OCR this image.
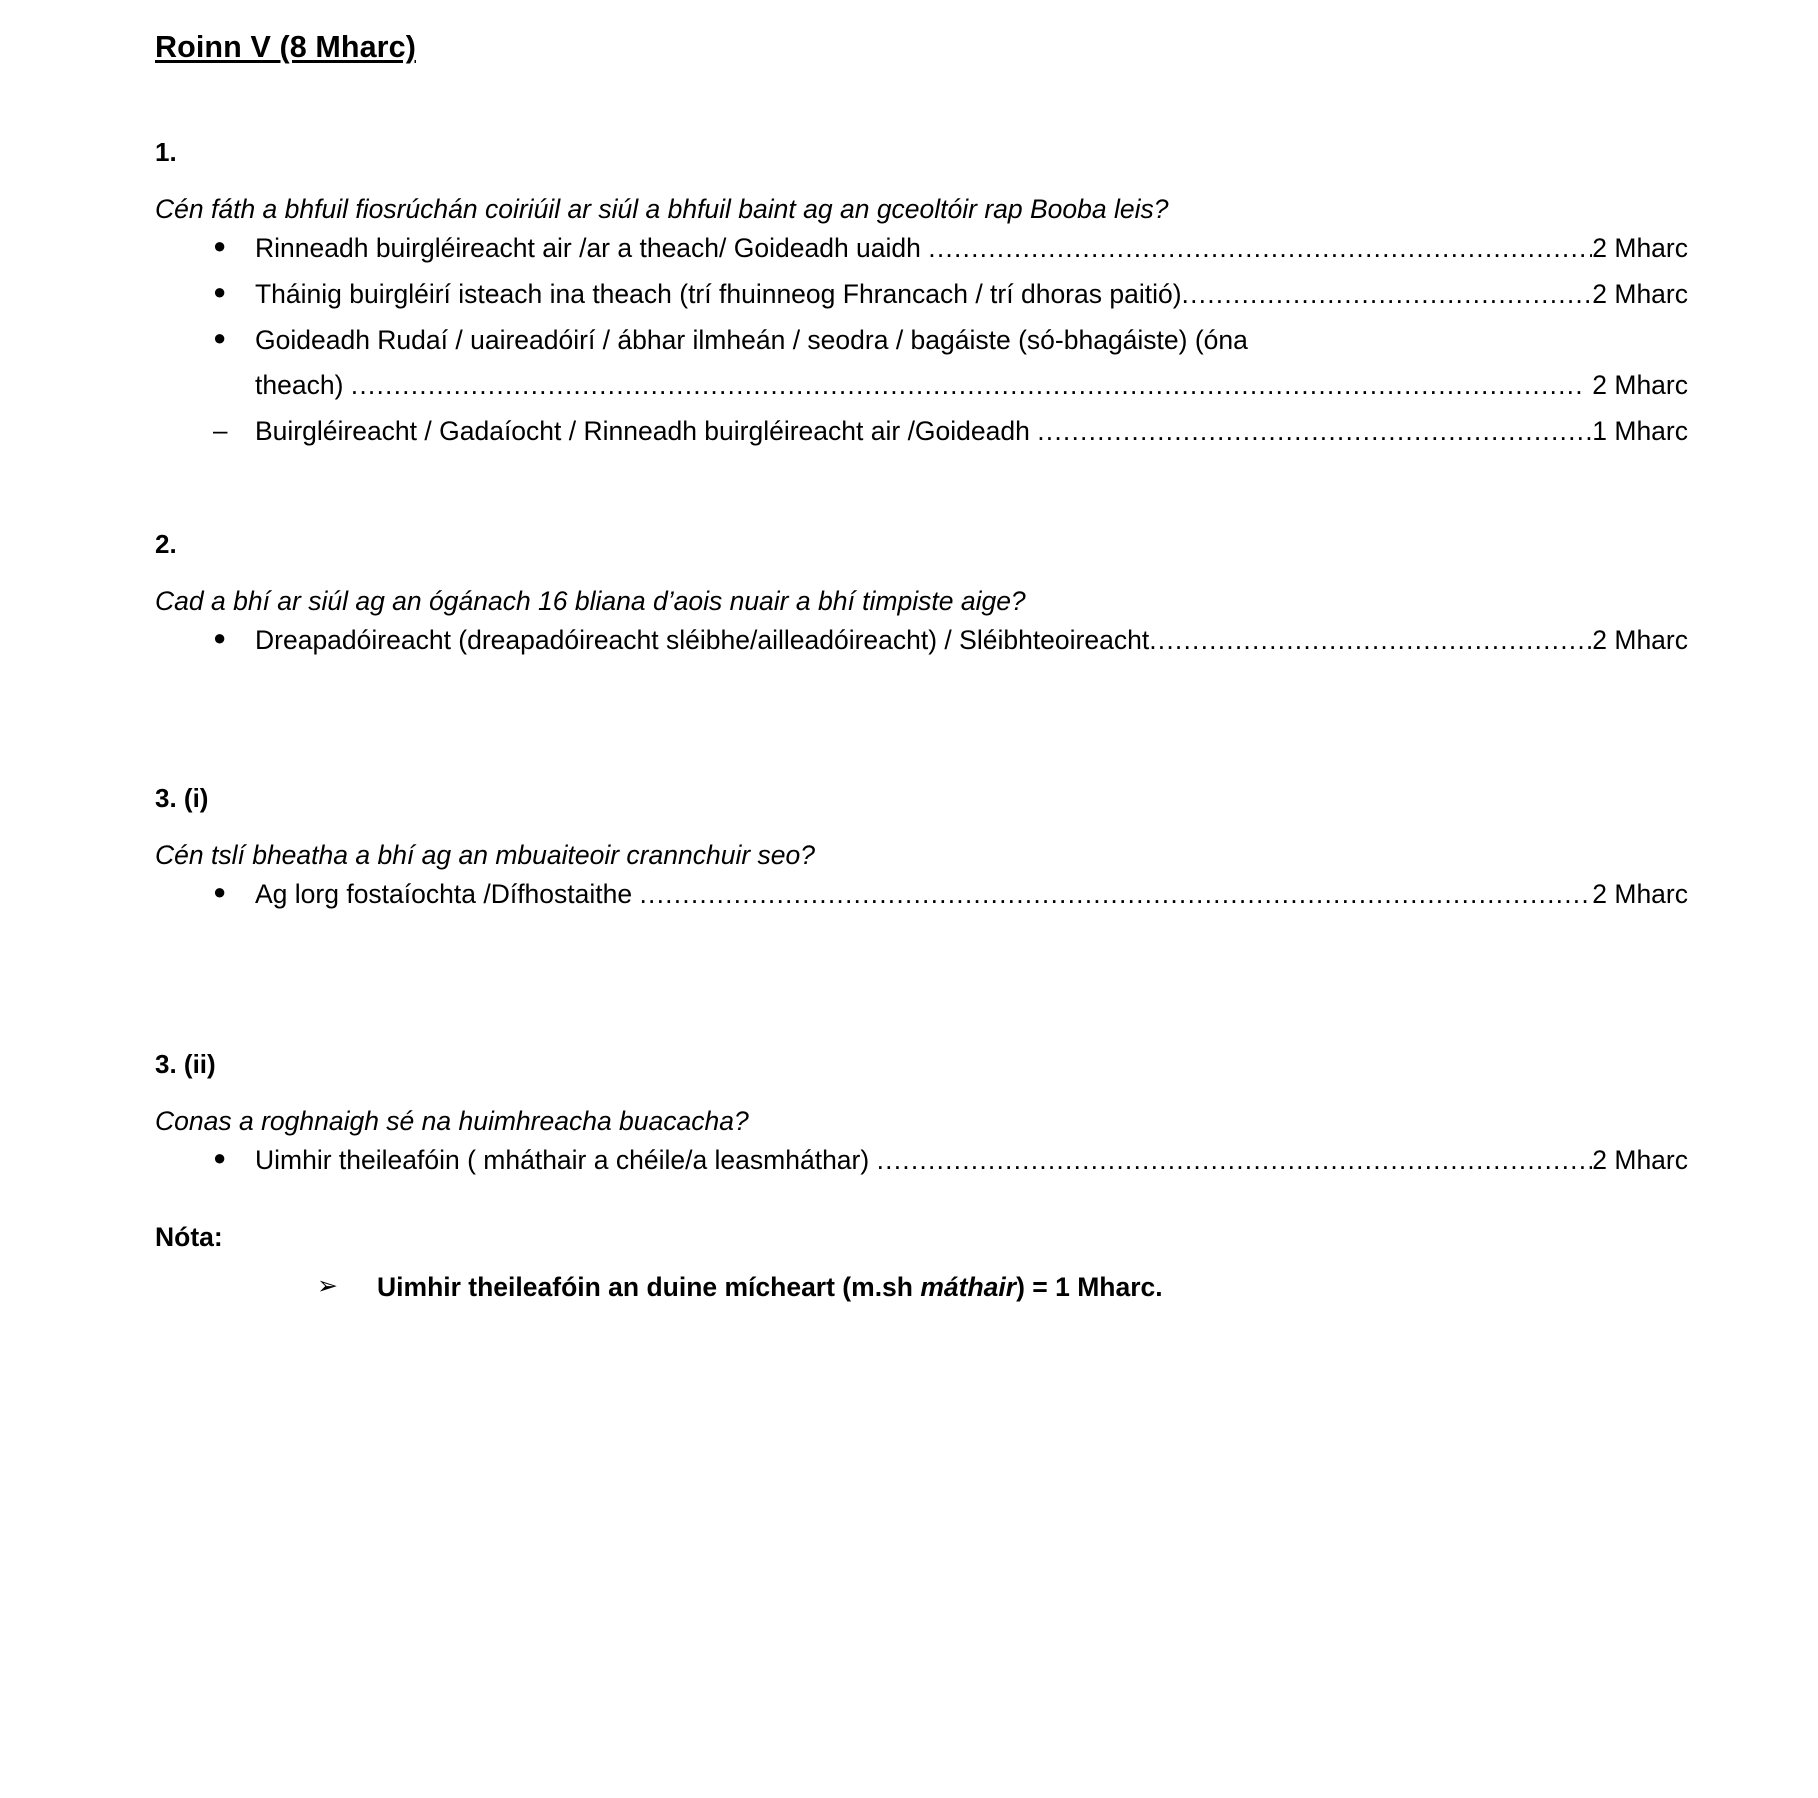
Roinn V (8 Mharc)
1.
Cén fáth a bhfuil fiosrúchán coiriúil ar siúl a bhfuil baint ag an gceoltóir rap Booba leis?
●	Rinneadh buirgléireacht air /ar a theach/ Goideadh uaidh .....	2 Mharc
●	Tháinig buirgléirí isteach ina theach (trí fhuinneog Fhrancach / trí dhoras paitió) .....	2 Mharc
●	Goideadh Rudaí / uaireadóirí / ábhar ilmheán / seodra / bagáiste (só-bhagáiste) (óna
theach) .....	2 Mharc
–	Buirgléireacht / Gadaíocht / Rinneadh buirgléireacht air /Goideadh .....	1 Mharc
2.
Cad a bhí ar siúl ag an ógánach 16 bliana d’aois nuair a bhí timpiste aige?
●	Dreapadóireacht (dreapadóireacht sléibhe/ailleadóireacht) / Sléibhteoireacht .....	2 Mharc
3. (i)
Cén tslí bheatha a bhí ag an mbuaiteoir crannchuir seo?
●	Ag lorg fostaíochta /Dífhostaithe .....	2 Mharc
3. (ii)
Conas a roghnaigh sé na huimhreacha buacacha?
●	Uimhir theileafóin ( mháthair a chéile/a leasmháthar) .....	2 Mharc
Nóta:
➢ Uimhir theileafóin an duine mícheart (m.sh máthair) = 1 Mharc.
